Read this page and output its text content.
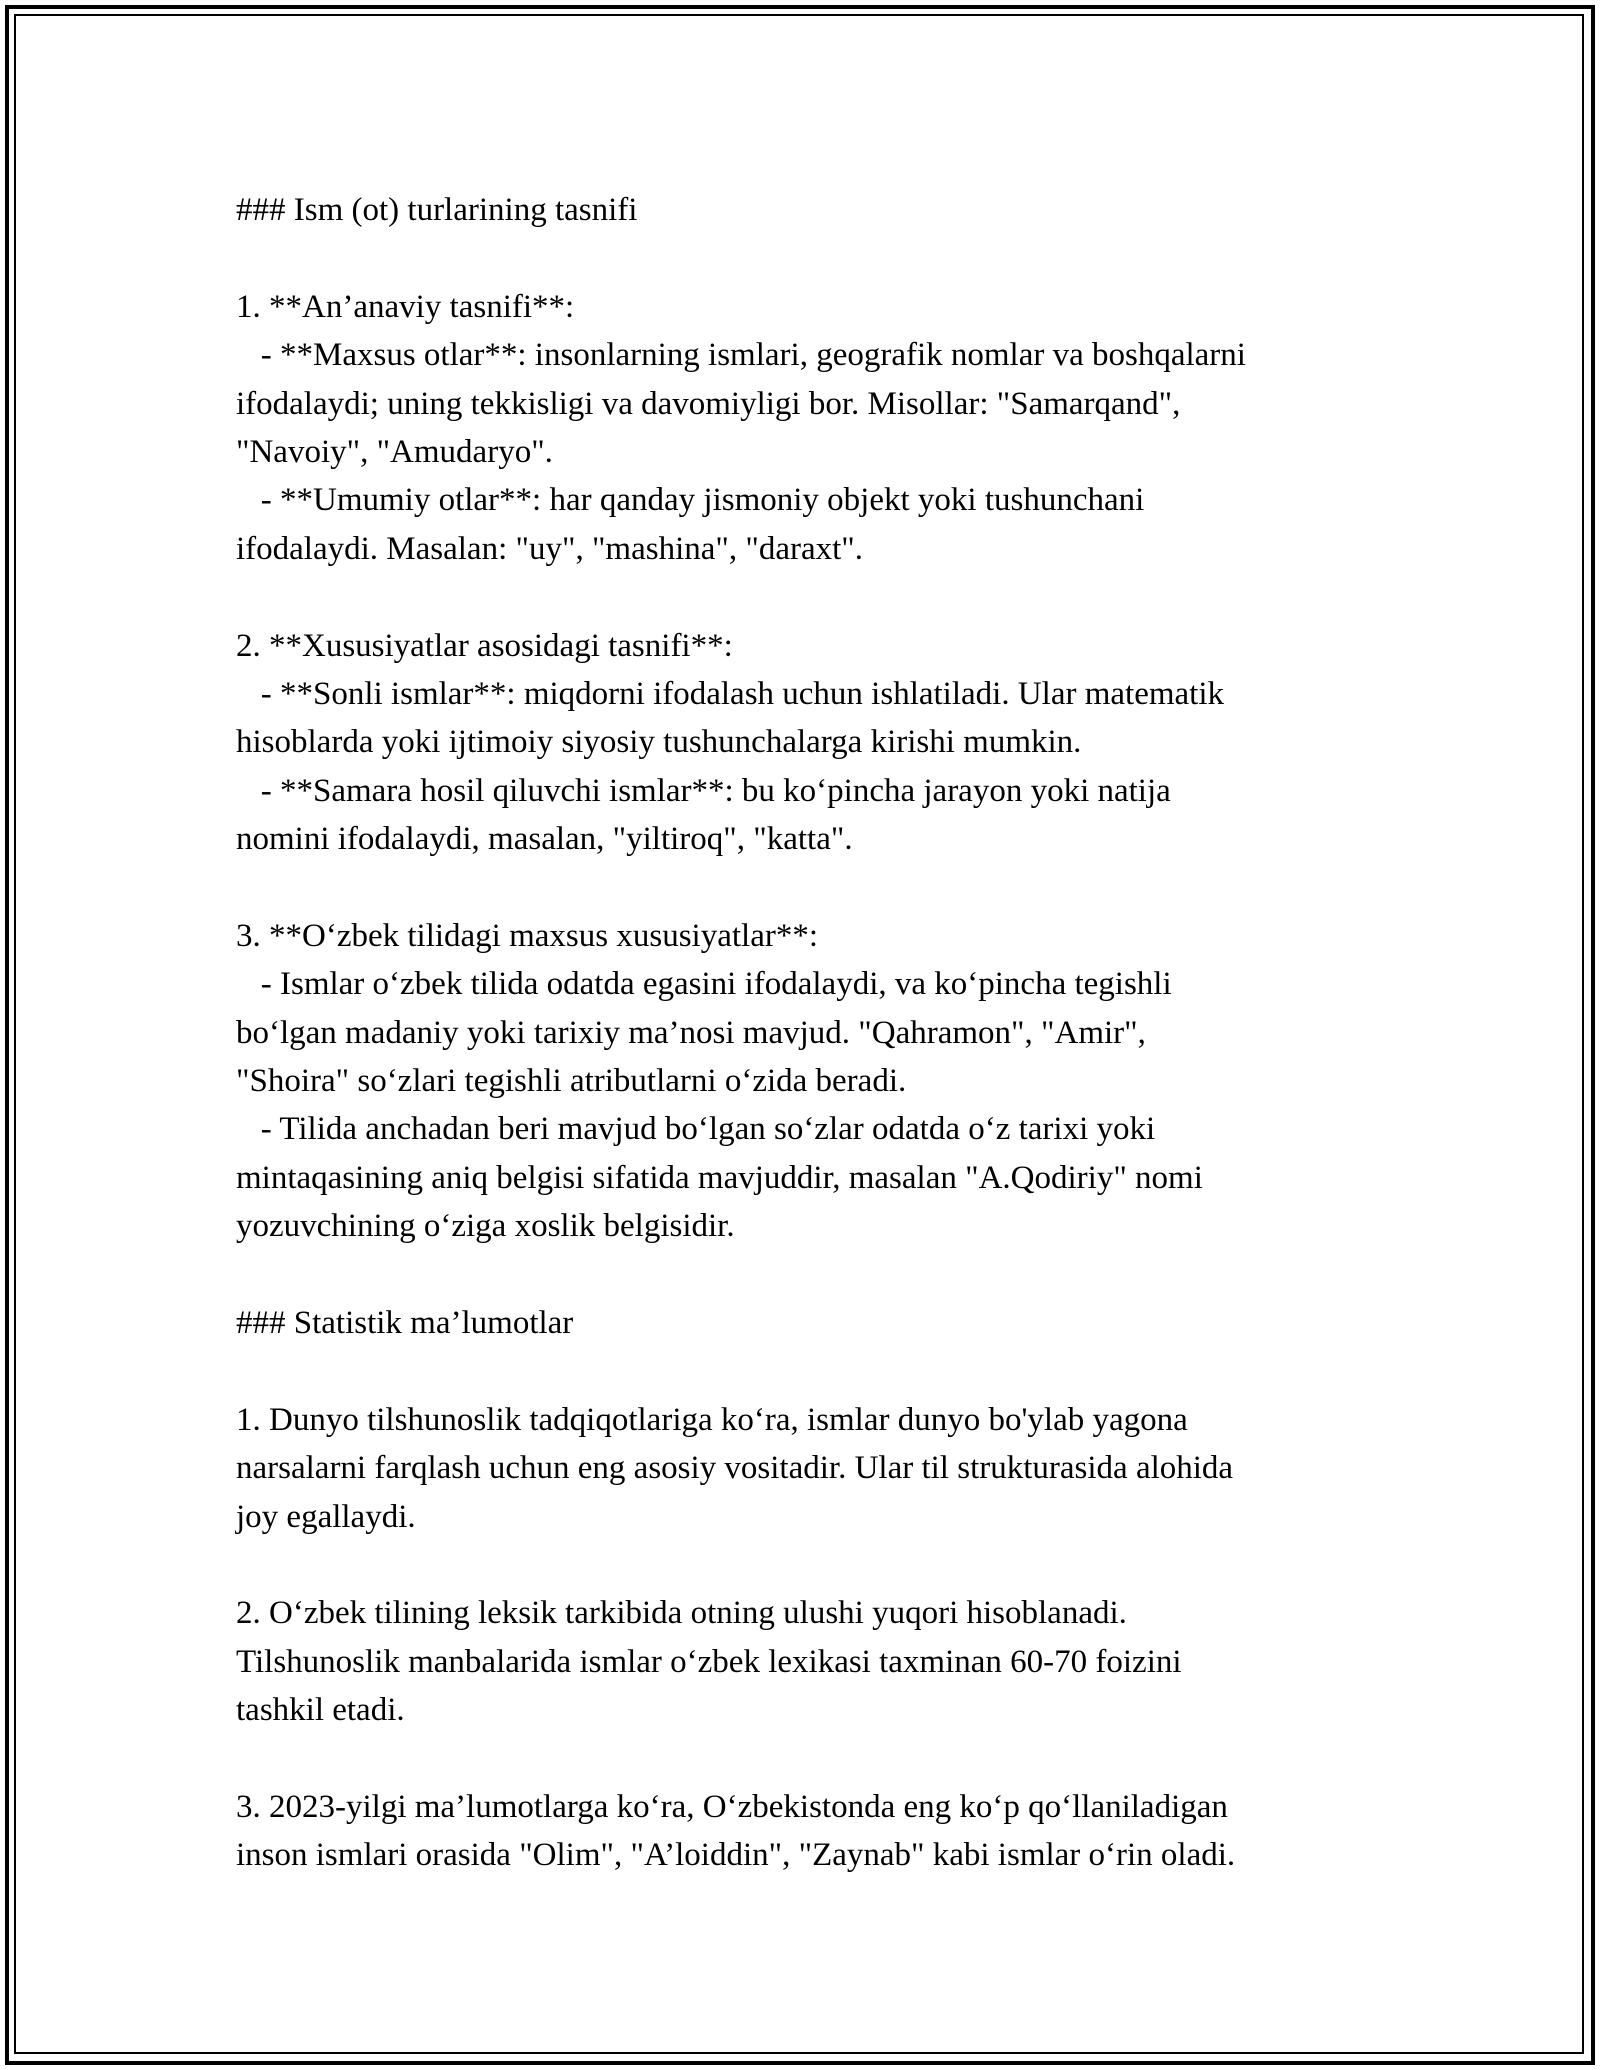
### Ism (ot) turlarining tasnifi
1. **An’anaviy tasnifi**:
- **Maxsus otlar**: insonlarning ismlari, geografik nomlar va boshqalarni
ifodalaydi; uning tekkisligi va davomiyligi bor. Misollar: "Samarqand",
"Navoiy", "Amudaryo".
- **Umumiy otlar**: har qanday jismoniy objekt yoki tushunchani
ifodalaydi. Masalan: "uy", "mashina", "daraxt".
2. **Xususiyatlar asosidagi tasnifi**:
- **Sonli ismlar**: miqdorni ifodalash uchun ishlatiladi. Ular matematik
hisoblarda yoki ijtimoiy siyosiy tushunchalarga kirishi mumkin.
- **Samara hosil qiluvchi ismlar**: bu koʻpincha jarayon yoki natija
nomini ifodalaydi, masalan, "yiltiroq", "katta".
3. **Oʻzbek tilidagi maxsus xususiyatlar**:
- Ismlar oʻzbek tilida odatda egasini ifodalaydi, va koʻpincha tegishli
boʻlgan madaniy yoki tarixiy ma’nosi mavjud. "Qahramon", "Amir",
"Shoira" soʻzlari tegishli atributlarni oʻzida beradi.
- Tilida anchadan beri mavjud boʻlgan soʻzlar odatda oʻz tarixi yoki
mintaqasining aniq belgisi sifatida mavjuddir, masalan "A.Qodiriy" nomi
yozuvchining oʻziga xoslik belgisidir.
### Statistik ma’lumotlar
1. Dunyo tilshunoslik tadqiqotlariga koʻra, ismlar dunyo bo'ylab yagona
narsalarni farqlash uchun eng asosiy vositadir. Ular til strukturasida alohida
joy egallaydi.
2. Oʻzbek tilining leksik tarkibida otning ulushi yuqori hisoblanadi.
Tilshunoslik manbalarida ismlar oʻzbek lexikasi taxminan 60-70 foizini
tashkil etadi.
3. 2023-yilgi ma’lumotlarga koʻra, Oʻzbekistonda eng koʻp qoʻllaniladigan
inson ismlari orasida "Olim", "A’loiddin", "Zaynab" kabi ismlar oʻrin oladi.
